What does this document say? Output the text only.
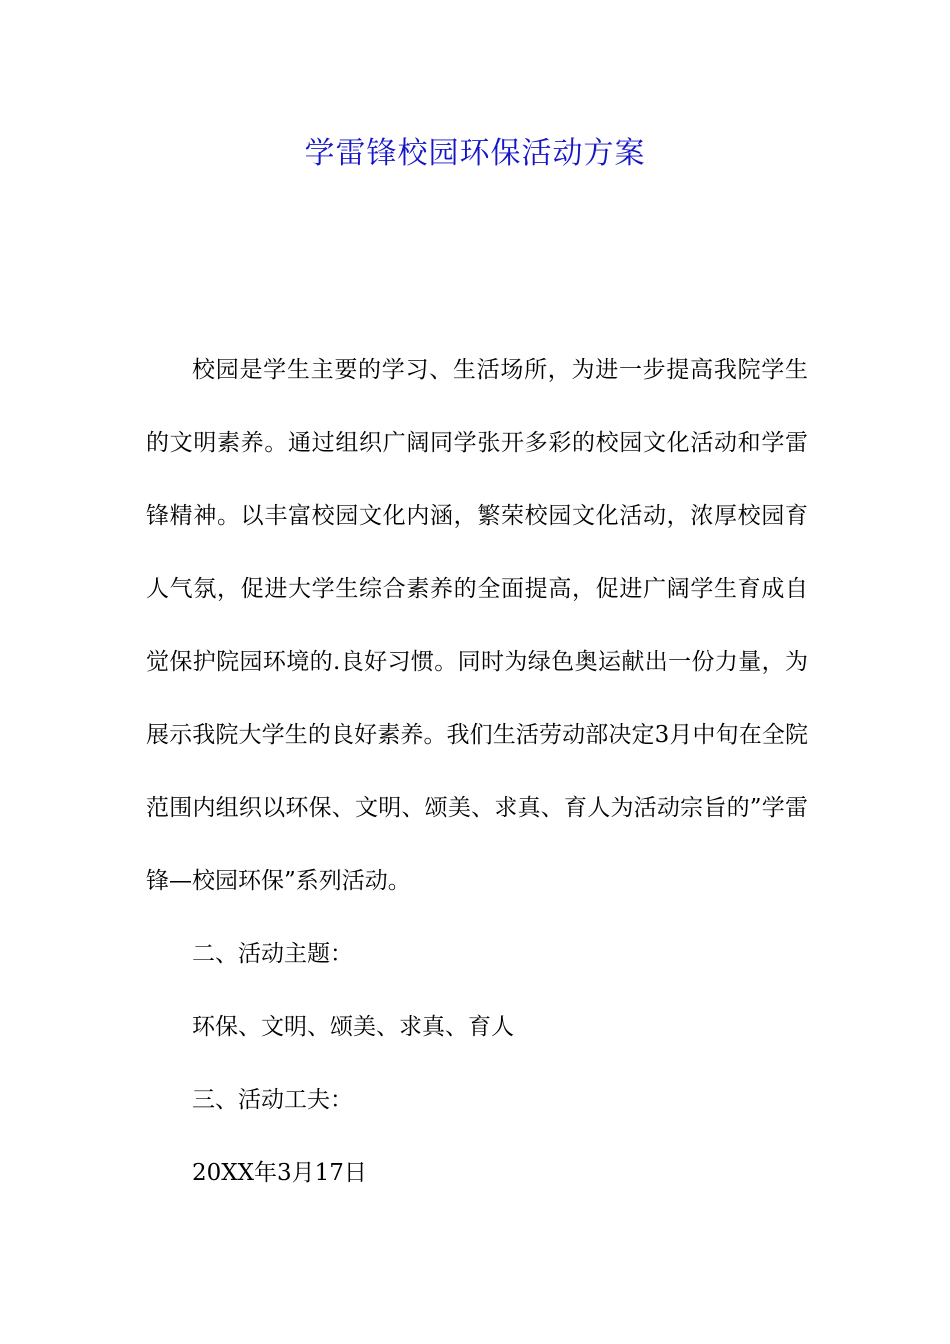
学雷锋校园环保活动方案

校园是学生主要的学习、生活场所，为进一步提高我院学生的文明素养。通过组织广阔同学张开多彩的校园文化活动和学雷锋精神。以丰富校园文化内涵，繁荣校园文化活动，浓厚校园育人气氛，促进大学生综合素养的全面提高，促进广阔学生育成自觉保护院园环境的.良好习惯。同时为绿色奥运献出一份力量，为展示我院大学生的良好素养。我们生活劳动部决定3月中旬在全院范围内组织以环保、文明、颂美、求真、育人为活动宗旨的”学雷锋—校园环保”系列活动。

二、活动主题：

环保、文明、颂美、求真、育人

三、活动工夫：

20XX年3月17日
